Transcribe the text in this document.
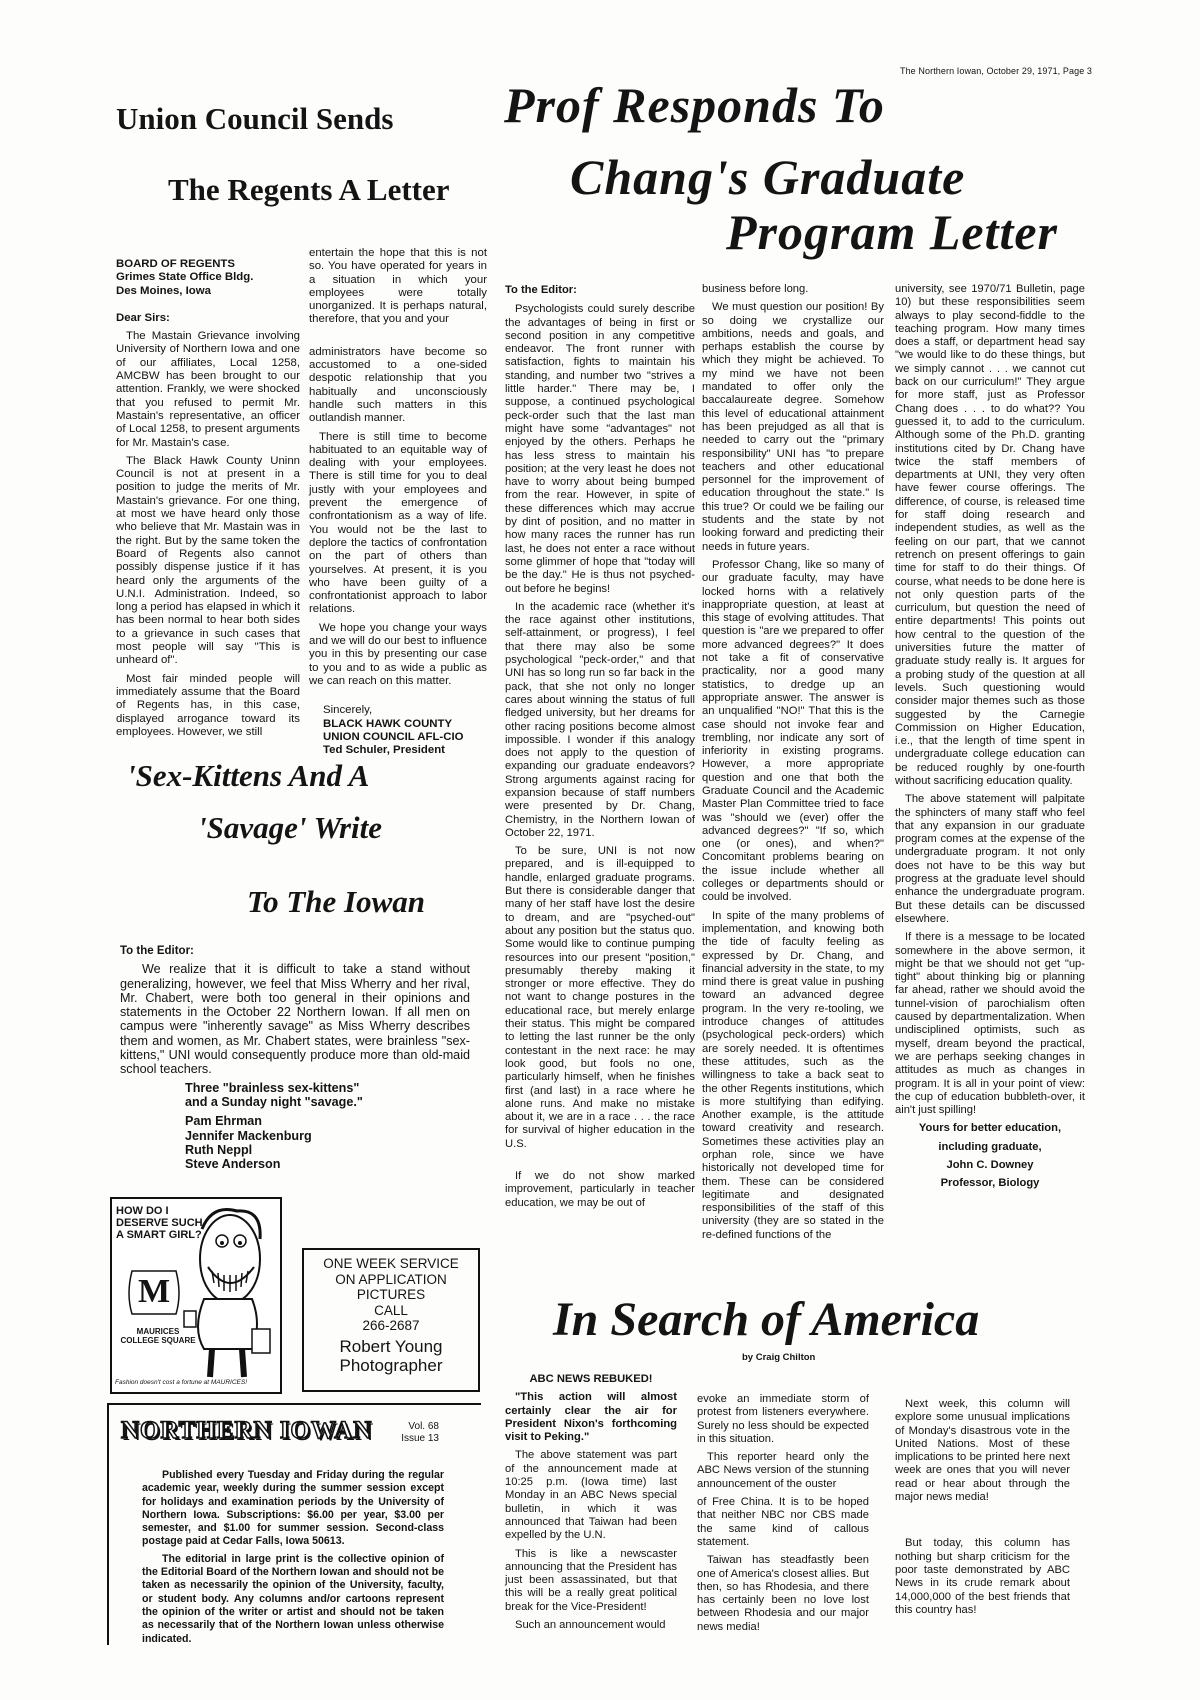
The Northern Iowan, October 29, 1971, Page 3
Union Council Sends
The Regents A Letter
BOARD OF REGENTS
Grimes State Office Bldg.
Des Moines, Iowa
Dear Sirs:

The Mastain Grievance involving University of Northern Iowa and one of our affiliates, Local 1258, AMCBW has been brought to our attention. Frankly, we were shocked that you refused to permit Mr. Mastain's representative, an officer of Local 1258, to present arguments for Mr. Mastain's case.

The Black Hawk County Uninn Council is not at present in a position to judge the merits of Mr. Mastain's grievance. For one thing, at most we have heard only those who believe that Mr. Mastain was in the right. But by the same token the Board of Regents also cannot possibly dispense justice if it has heard only the arguments of the U.N.I. Administration. Indeed, so long a period has elapsed in which it has been normal to hear both sides to a grievance in such cases that most people will say "This is unheard of".

Most fair minded people will immediately assume that the Board of Regents has, in this case, displayed arrogance toward its employees. However, we still

entertain the hope that this is not so. You have operated for years in a situation in which your employees were totally unorganized. It is perhaps natural, therefore, that you and your

administrators have become so accustomed to a one-sided despotic relationship that you habitually and unconsciously handle such matters in this outlandish manner.

There is still time to become habituated to an equitable way of dealing with your employees. There is still time for you to deal justly with your employees and prevent the emergence of confrontationism as a way of life. You would not be the last to deplore the tactics of confrontation on the part of others than yourselves. At present, it is you who have been guilty of a confrontationist approach to labor relations.

We hope you change your ways and we will do our best to influence you in this by presenting our case to you and to as wide a public as we can reach on this matter.

Sincerely,
BLACK HAWK COUNTY
UNION COUNCIL AFL-CIO
Ted Schuler, President
Prof Responds To
Chang's Graduate
Program Letter

To the Editor:

Psychologists could surely describe the advantages of being in first or second position in any competitive endeavor. The front runner with satisfaction, fights to maintain his standing, and number two "strives a little harder." There may be, I suppose, a continued psychological peck-order such that the last man might have some "advantages" not enjoyed by the others. Perhaps he has less stress to maintain his position; at the very least he does not have to worry about being bumped from the rear. However, in spite of these differences which may accrue by dint of position, and no matter in how many races the runner has run last, he does not enter a race without some glimmer of hope that "today will be the day." He is thus not psyched-out before he begins!

In the academic race (whether it's the race against other institutions, self-attainment, or progress), I feel that there may also be some psychological "peck-order," and that UNI has so long run so far back in the pack, that she not only no longer cares about winning the status of full fledged university, but her dreams for other racing positions become almost impossible. I wonder if this analogy does not apply to the question of expanding our graduate endeavors? Strong arguments against racing for expansion because of staff numbers were presented by Dr. Chang, Chemistry, in the Northern Iowan of October 22, 1971.

To be sure, UNI is not now prepared, and is ill-equipped to handle, enlarged graduate programs. But there is considerable danger that many of her staff have lost the desire to dream, and are "psyched-out" about any position but the status quo. Some would like to continue pumping resources into our present "position," presumably thereby making it stronger or more effective. They do not want to change postures in the educational race, but merely enlarge their status. This might be compared to letting the last runner be the only contestant in the next race: he may look good, but fools no one, particularly himself, when he finishes first (and last) in a race where he alone runs. And make no mistake about it, we are in a race . . . the race for survival of higher education in the U.S.

If we do not show marked improvement, particularly in teacher education, we may be out of

business before long.

We must question our position! By so doing we crystallize our ambitions, needs and goals, and perhaps establish the course by which they might be achieved. To my mind we have not been mandated to offer only the baccalaureate degree. Somehow this level of educational attainment has been prejudged as all that is needed to carry out the "primary responsibility" UNI has "to prepare teachers and other educational personnel for the improvement of education throughout the state." Is this true? Or could we be failing our students and the state by not looking forward and predicting their needs in future years.

Professor Chang, like so many of our graduate faculty, may have locked horns with a relatively inappropriate question, at least at this stage of evolving attitudes. That question is "are we prepared to offer more advanced degrees?" It does not take a fit of conservative practicality, nor a good many statistics, to dredge up an appropriate answer. The answer is an unqualified "NO!" That this is the case should not invoke fear and trembling, nor indicate any sort of inferiority in existing programs. However, a more appropriate question and one that both the Graduate Council and the Academic Master Plan Committee tried to face was "should we (ever) offer the advanced degrees?" "If so, which one (or ones), and when?" Concomitant problems bearing on the issue include whether all colleges or departments should or could be involved.

In spite of the many problems of implementation, and knowing both the tide of faculty feeling as expressed by Dr. Chang, and financial adversity in the state, to my mind there is great value in pushing toward an advanced degree program. In the very re-tooling, we introduce changes of attitudes (psychological peck-orders) which are sorely needed. It is oftentimes these attitudes, such as the willingness to take a back seat to the other Regents institutions, which is more stultifying than edifying. Another example, is the attitude toward creativity and research. Sometimes these activities play an orphan role, since we have historically not developed time for them. These can be considered legitimate and designated responsibilities of the staff of this university (they are so stated in the re-defined functions of the

university, see 1970/71 Bulletin, page 10) but these responsibilities seem always to play second-fiddle to the teaching program. How many times does a staff, or department head say "we would like to do these things, but we simply cannot . . . we cannot cut back on our curriculum!" They argue for more staff, just as Professor Chang does . . . to do what?? You guessed it, to add to the curriculum. Although some of the Ph.D. granting institutions cited by Dr. Chang have twice the staff members of departments at UNI, they very often have fewer course offerings. The difference, of course, is released time for staff doing research and independent studies, as well as the feeling on our part, that we cannot retrench on present offerings to gain time for staff to do their things. Of course, what needs to be done here is not only question parts of the curriculum, but question the need of entire departments! This points out how central to the question of the universities future the matter of graduate study really is. It argues for a probing study of the question at all levels. Such questioning would consider major themes such as those suggested by the Carnegie Commission on Higher Education, i.e., that the length of time spent in undergraduate college education can be reduced roughly by one-fourth without sacrificing education quality.

The above statement will palpitate the sphincters of many staff who feel that any expansion in our graduate program comes at the expense of the undergraduate program. It not only does not have to be this way but progress at the graduate level should enhance the undergraduate program. But these details can be discussed elsewhere.

If there is a message to be located somewhere in the above sermon, it might be that we should not get "up-tight" about thinking big or planning far ahead, rather we should avoid the tunnel-vision of parochialism often caused by departmentalization. When undisciplined optimists, such as myself, dream beyond the practical, we are perhaps seeking changes in attitudes as much as changes in program. It is all in your point of view: the cup of education bubbleth-over, it ain't just spilling!

Yours for better education,

including graduate,

John C. Downey

Professor, Biology

'Sex-Kittens And A
'Savage' Write
To The Iowan
To the Editor:

We realize that it is difficult to take a stand without generalizing, however, we feel that Miss Wherry and her rival, Mr. Chabert, were both too general in their opinions and statements in the October 22 Northern Iowan. If all men on campus were "inherently savage" as Miss Wherry describes them and women, as Mr. Chabert states, were brainless "sex-kittens," UNI would consequently produce more than old-maid school teachers.

Three "brainless sex-kittens"
and a Sunday night "savage."
Pam Ehrman
Jennifer Mackenburg
Ruth Neppl
Steve Anderson
HOW DO I
DESERVE SUCH
A SMART GIRL?
M
MAURICES
COLLEGE SQUARE
Fashion doesn't cost a fortune at MAURICES!
ONE WEEK SERVICE
ON APPLICATION
PICTURES
CALL
266-2687
Robert Young
Photographer
NORTHERN IOWAN	Vol. 68
Issue 13

Published every Tuesday and Friday during the regular academic year, weekly during the summer session except for holidays and examination periods by the University of Northern Iowa. Subscriptions: $6.00 per year, $3.00 per semester, and $1.00 for summer session. Second-class postage paid at Cedar Falls, Iowa 50613.

The editorial in large print is the collective opinion of the Editorial Board of the Northern Iowan and should not be taken as necessarily the opinion of the University, faculty, or student body. Any columns and/or cartoons represent the opinion of the writer or artist and should not be taken as necessarily that of the Northern Iowan unless otherwise indicated.

In Search of America
by Craig Chilton

ABC NEWS REBUKED!

"This action will almost certainly clear the air for President Nixon's forthcoming visit to Peking."

The above statement was part of the announcement made at 10:25 p.m. (Iowa time) last Monday in an ABC News special bulletin, in which it was announced that Taiwan had been expelled by the U.N.

This is like a newscaster announcing that the President has just been assassinated, but that this will be a really great political break for the Vice-President!

Such an announcement would

evoke an immediate storm of protest from listeners everywhere. Surely no less should be expected in this situation.

This reporter heard only the ABC News version of the stunning announcement of the ouster

of Free China. It is to be hoped that neither NBC nor CBS made the same kind of callous statement.

Taiwan has steadfastly been one of America's closest allies. But then, so has Rhodesia, and there has certainly been no love lost between Rhodesia and our major news media!

Next week, this column will explore some unusual implications of Monday's disastrous vote in the United Nations. Most of these implications to be printed here next week are ones that you will never read or hear about through the major news media!

But today, this column has nothing but sharp criticism for the poor taste demonstrated by ABC News in its crude remark about 14,000,000 of the best friends that this country has!
